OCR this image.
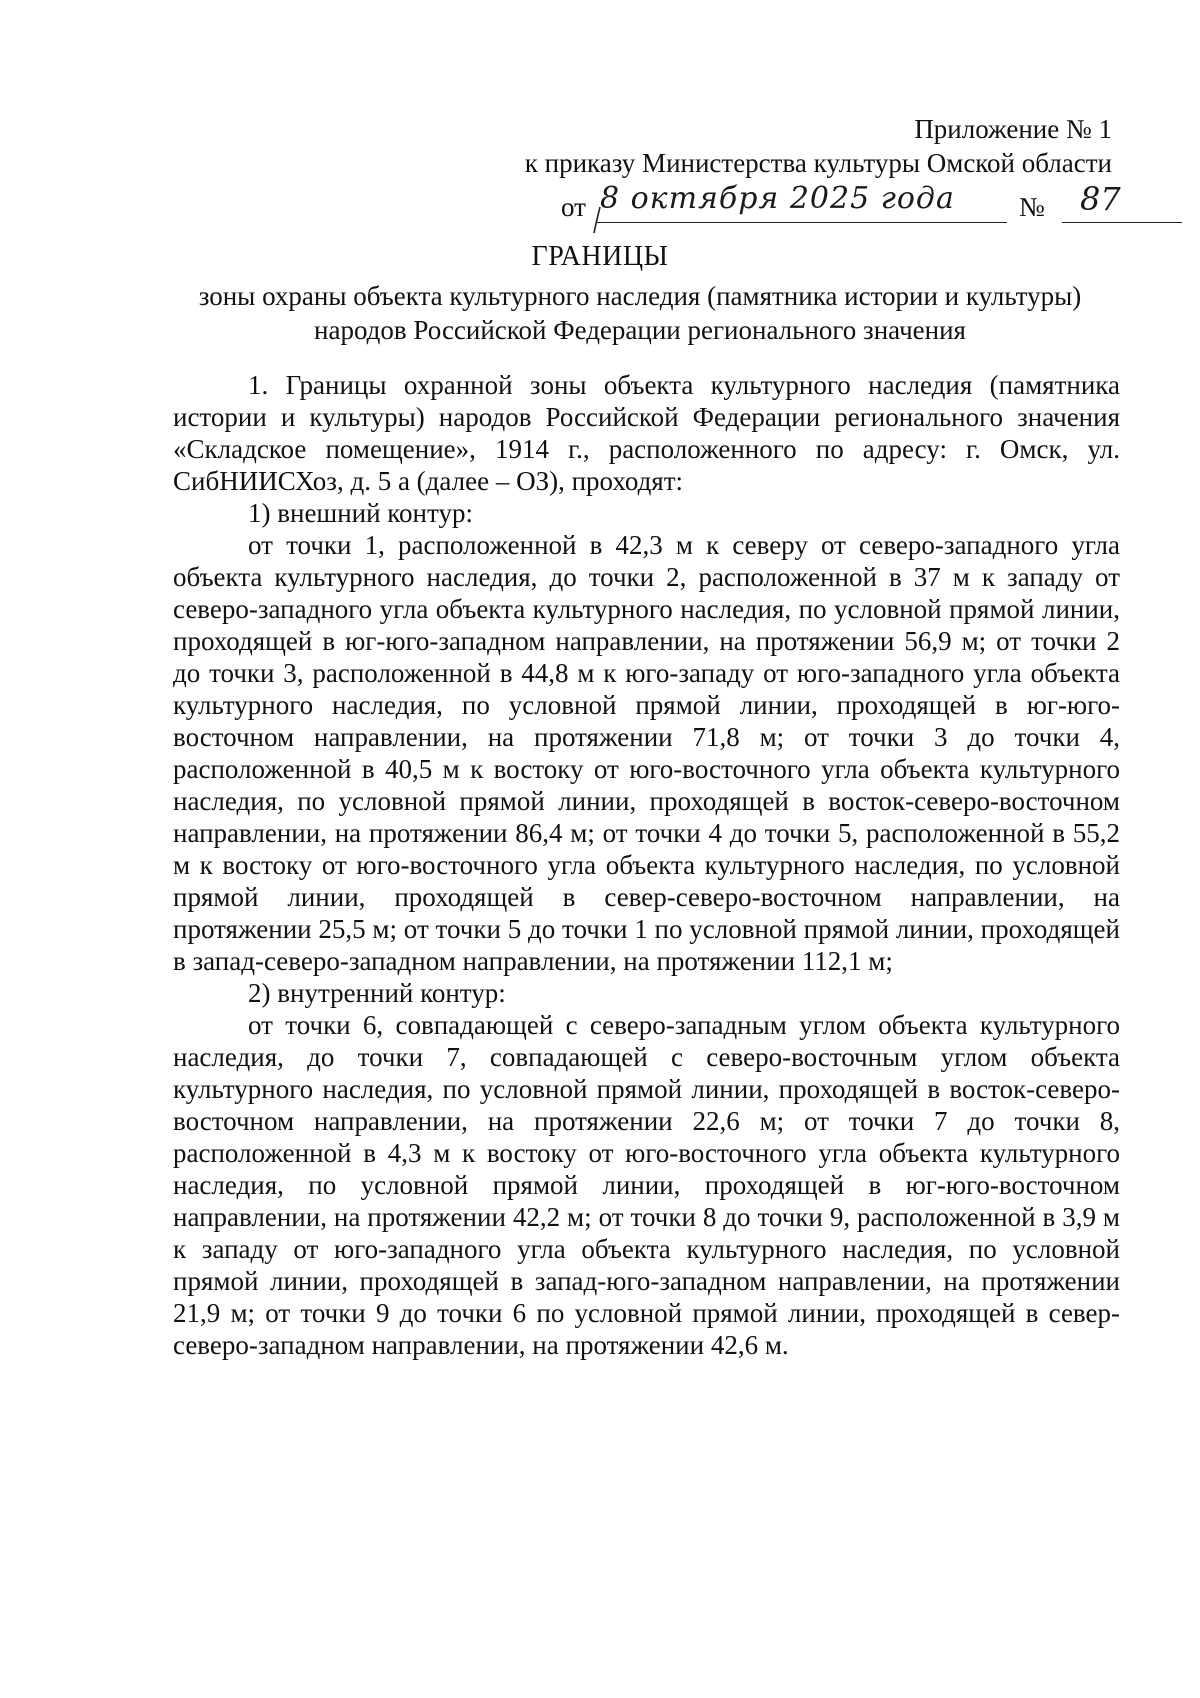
Приложение № 1
к приказу Министерства культуры Омской области
от 8 октября 2025 года № 87
ГРАНИЦЫ
зоны охраны объекта культурного наследия (памятника истории и культуры)
народов Российской Федерации регионального значения

1. Границы охранной зоны объекта культурного наследия (памятника истории и культуры) народов Российской Федерации регионального значения «Складское помещение», 1914 г., расположенного по адресу: г. Омск, ул. СибНИИСХоз, д. 5 а (далее – ОЗ), проходят:

1) внешний контур:

от точки 1, расположенной в 42,3 м к северу от северо-западного угла объекта культурного наследия, до точки 2, расположенной в 37 м к западу от северо-западного угла объекта культурного наследия, по условной прямой линии, проходящей в юг-юго-западном направлении, на протяжении 56,9 м; от точки 2 до точки 3, расположенной в 44,8 м к юго-западу от юго-западного угла объекта культурного наследия, по условной прямой линии, проходящей в юг-юго-восточном направлении, на протяжении 71,8 м; от точки 3 до точки 4, расположенной в 40,5 м к востоку от юго-восточного угла объекта культурного наследия, по условной прямой линии, проходящей в восток-северо-восточном направлении, на протяжении 86,4 м; от точки 4 до точки 5, расположенной в 55,2 м к востоку от юго-восточного угла объекта культурного наследия, по условной прямой линии, проходящей в север-северо-восточном направлении, на протяжении 25,5 м; от точки 5 до точки 1 по условной прямой линии, проходящей в запад-северо-западном направлении, на протяжении 112,1 м;

2) внутренний контур:

от точки 6, совпадающей с северо-западным углом объекта культурного наследия, до точки 7, совпадающей с северо-восточным углом объекта культурного наследия, по условной прямой линии, проходящей в восток-северо-восточном направлении, на протяжении 22,6 м; от точки 7 до точки 8, расположенной в 4,3 м к востоку от юго-восточного угла объекта культурного наследия, по условной прямой линии, проходящей в юг-юго-восточном направлении, на протяжении 42,2 м; от точки 8 до точки 9, расположенной в 3,9 м к западу от юго-западного угла объекта культурного наследия, по условной прямой линии, проходящей в запад-юго-западном направлении, на протяжении 21,9 м; от точки 9 до точки 6 по условной прямой линии, проходящей в север-северо-западном направлении, на протяжении 42,6 м.
